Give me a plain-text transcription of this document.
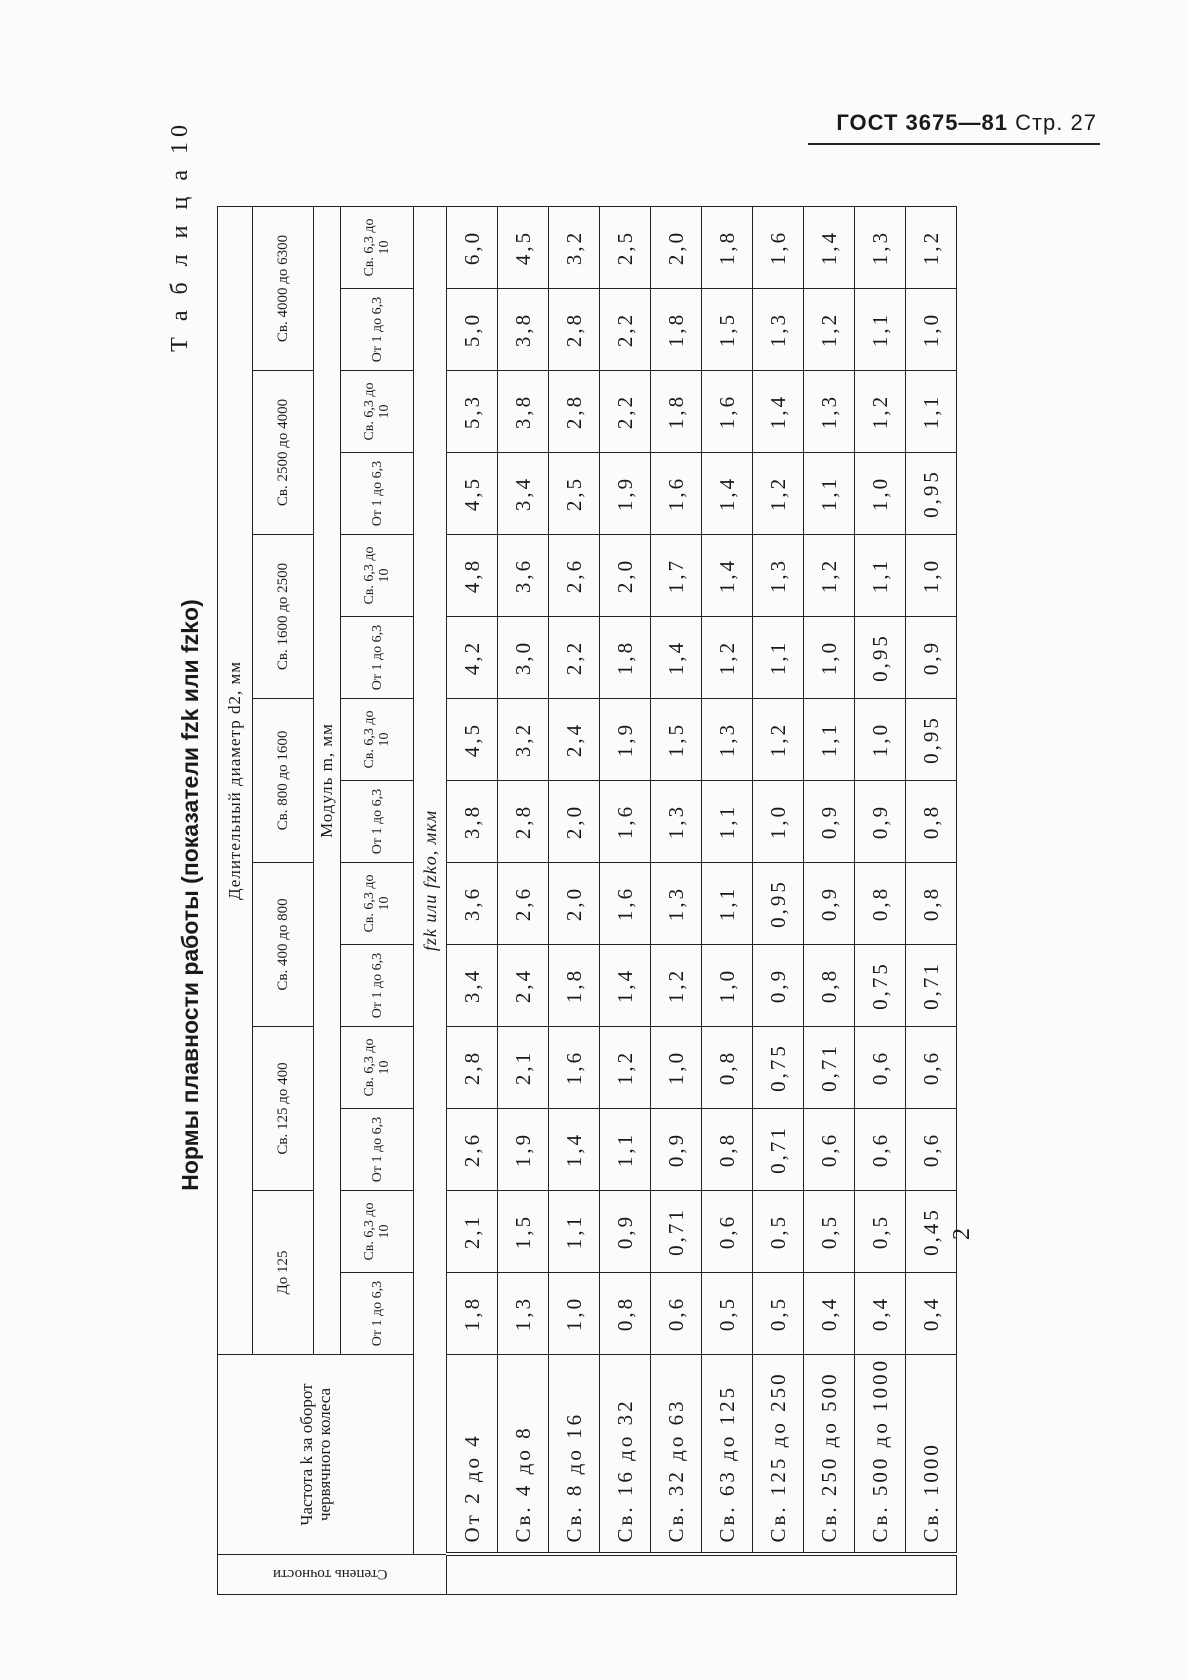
ГОСТ 3675—81 Стр. 27
Т а б л и ц а 10
Нормы плавности работы (показатели fzk или fzko)
Степень точности	Частота k за оборот червячного колеса	Делительный диаметр d2, мм													
		До 125		Св. 125 до 400		Св. 400 до 800		Св. 800 до 1600		Св. 1600 до 2500		Св. 2500 до 4000		Св. 4000 до 6300	
		Модуль m, мм													
		От 1 до 6,3	Св. 6,3 до 10	От 1 до 6,3	Св. 6,3 до 10	От 1 до 6,3	Св. 6,3 до 10	От 1 до 6,3	Св. 6,3 до 10	От 1 до 6,3	Св. 6,3 до 10	От 1 до 6,3	Св. 6,3 до 10	От 1 до 6,3	Св. 6,3 до 10
	fzk или fzko, мкм														
	От 2 до 4	1,8	2,1	2,6	2,8	3,4	3,6	3,8	4,5	4,2	4,8	4,5	5,3	5,0	6,0
	Св. 4 до 8	1,3	1,5	1,9	2,1	2,4	2,6	2,8	3,2	3,0	3,6	3,4	3,8	3,8	4,5
	Св. 8 до 16	1,0	1,1	1,4	1,6	1,8	2,0	2,0	2,4	2,2	2,6	2,5	2,8	2,8	3,2
	Св. 16 до 32	0,8	0,9	1,1	1,2	1,4	1,6	1,6	1,9	1,8	2,0	1,9	2,2	2,2	2,5
	Св. 32 до 63	0,6	0,71	0,9	1,0	1,2	1,3	1,3	1,5	1,4	1,7	1,6	1,8	1,8	2,0
	Св. 63 до 125	0,5	0,6	0,8	0,8	1,0	1,1	1,1	1,3	1,2	1,4	1,4	1,6	1,5	1,8
	Св. 125 до 250	0,5	0,5	0,71	0,75	0,9	0,95	1,0	1,2	1,1	1,3	1,2	1,4	1,3	1,6
	Св. 250 до 500	0,4	0,5	0,6	0,71	0,8	0,9	0,9	1,1	1,0	1,2	1,1	1,3	1,2	1,4
	Св. 500 до 1000	0,4	0,5	0,6	0,6	0,75	0,8	0,9	1,0	0,95	1,1	1,0	1,2	1,1	1,3
	Св. 1000	0,4	0,45	0,6	0,6	0,71	0,8	0,8	0,95	0,9	1,0	0,95	1,1	1,0	1,2
2
